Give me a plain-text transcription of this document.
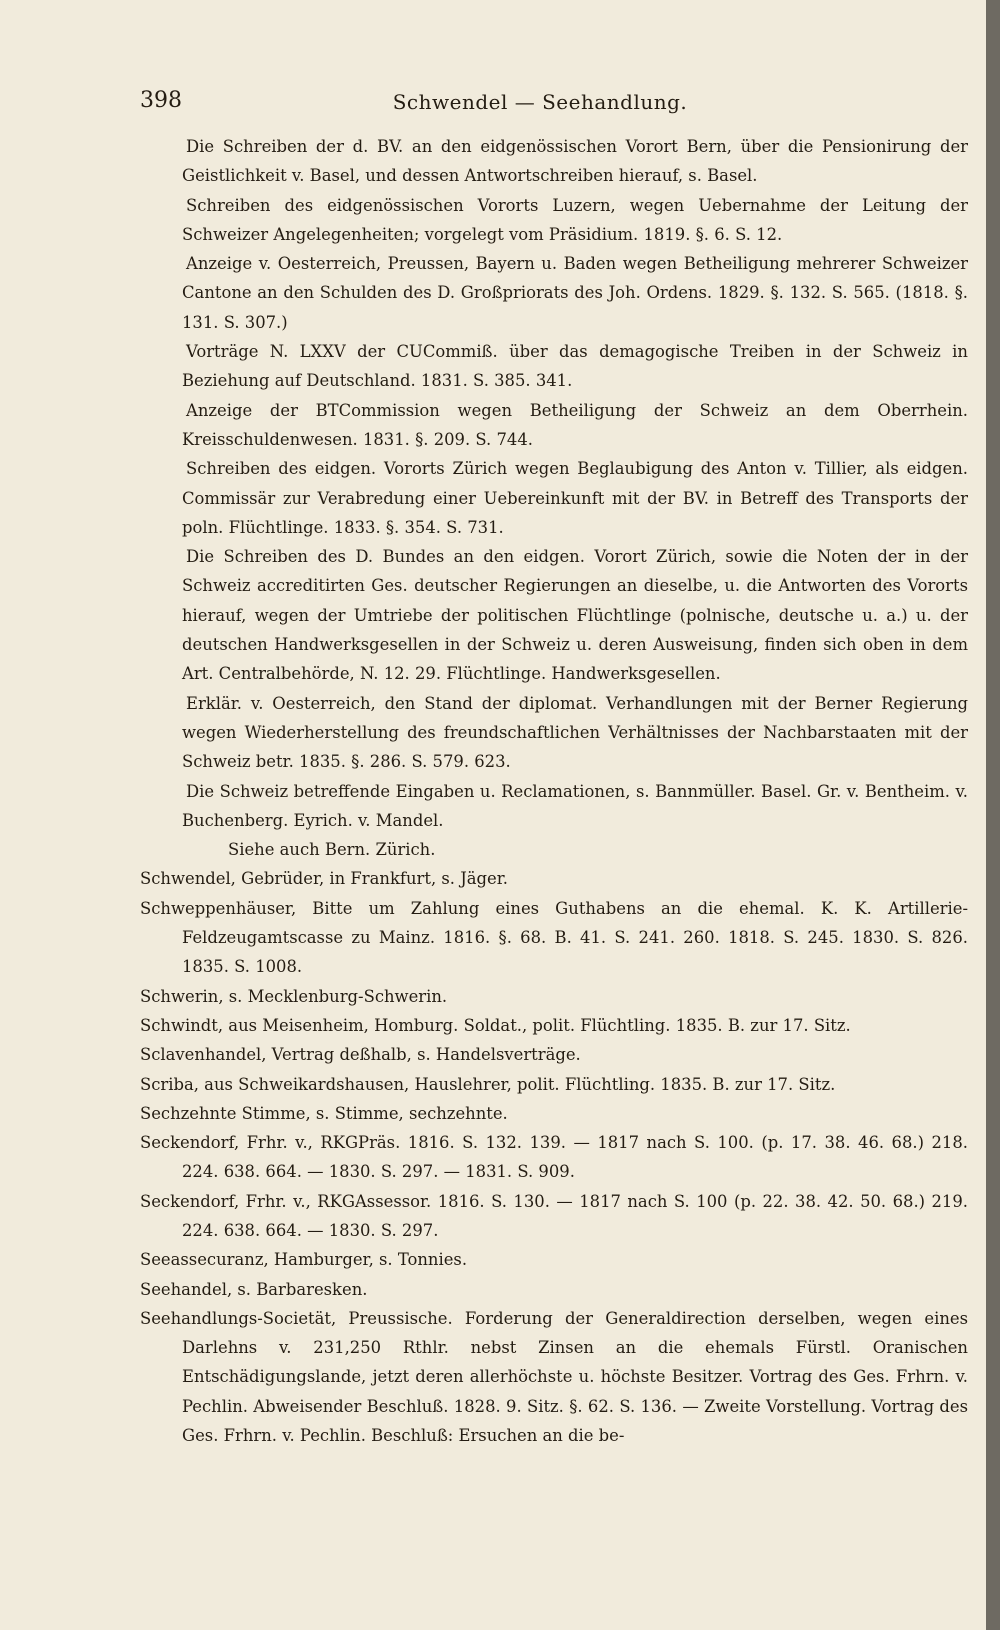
398	Schwendel — Seehandlung.

Die Schreiben der d. BV. an den eidgenössischen Vorort Bern, über die Pensionirung der Geistlichkeit v. Basel, und dessen Antwortschreiben hierauf, s. Basel.

Schreiben des eidgenössischen Vororts Luzern, wegen Uebernahme der Leitung der Schweizer Angelegenheiten; vorgelegt vom Präsidium. 1819. §. 6. S. 12.

Anzeige v. Oesterreich, Preussen, Bayern u. Baden wegen Betheiligung mehrerer Schweizer Cantone an den Schulden des D. Großpriorats des Joh. Ordens. 1829. §. 132. S. 565. (1818. §. 131. S. 307.)

Vorträge N. LXXV der CUCommiß. über das demagogische Treiben in der Schweiz in Beziehung auf Deutschland. 1831. S. 385. 341.

Anzeige der BTCommission wegen Betheiligung der Schweiz an dem Oberrhein. Kreisschuldenwesen. 1831. §. 209. S. 744.

Schreiben des eidgen. Vororts Zürich wegen Beglaubigung des Anton v. Tillier, als eidgen. Commissär zur Verabredung einer Uebereinkunft mit der BV. in Betreff des Transports der poln. Flüchtlinge. 1833. §. 354. S. 731.

Die Schreiben des D. Bundes an den eidgen. Vorort Zürich, sowie die Noten der in der Schweiz accreditirten Ges. deutscher Regierungen an dieselbe, u. die Antworten des Vororts hierauf, wegen der Umtriebe der politischen Flüchtlinge (polnische, deutsche u. a.) u. der deutschen Handwerksgesellen in der Schweiz u. deren Ausweisung, finden sich oben in dem Art. Centralbehörde, N. 12. 29. Flüchtlinge. Handwerksgesellen.

Erklär. v. Oesterreich, den Stand der diplomat. Verhandlungen mit der Berner Regierung wegen Wiederherstellung des freundschaftlichen Verhältnisses der Nachbarstaaten mit der Schweiz betr. 1835. §. 286. S. 579. 623.

Die Schweiz betreffende Eingaben u. Reclamationen, s. Bannmüller. Basel. Gr. v. Bentheim. v. Buchenberg. Eyrich. v. Mandel.

Siehe auch Bern. Zürich.

Schwendel, Gebrüder, in Frankfurt, s. Jäger.

Schweppenhäuser, Bitte um Zahlung eines Guthabens an die ehemal. K. K. Artillerie-Feldzeugamtscasse zu Mainz. 1816. §. 68. B. 41. S. 241. 260. 1818. S. 245. 1830. S. 826. 1835. S. 1008.

Schwerin, s. Mecklenburg-Schwerin.

Schwindt, aus Meisenheim, Homburg. Soldat., polit. Flüchtling. 1835. B. zur 17. Sitz.

Sclavenhandel, Vertrag deßhalb, s. Handelsverträge.

Scriba, aus Schweikardshausen, Hauslehrer, polit. Flüchtling. 1835. B. zur 17. Sitz.

Sechzehnte Stimme, s. Stimme, sechzehnte.

Seckendorf, Frhr. v., RKGPräs. 1816. S. 132. 139. — 1817 nach S. 100. (p. 17. 38. 46. 68.) 218. 224. 638. 664. — 1830. S. 297. — 1831. S. 909.

Seckendorf, Frhr. v., RKGAssessor. 1816. S. 130. — 1817 nach S. 100 (p. 22. 38. 42. 50. 68.) 219. 224. 638. 664. — 1830. S. 297.

Seeassecuranz, Hamburger, s. Tonnies.

Seehandel, s. Barbaresken.

Seehandlungs-Societät, Preussische. Forderung der Generaldirection derselben, wegen eines Darlehns v. 231,250 Rthlr. nebst Zinsen an die ehemals Fürstl. Oranischen Entschädigungslande, jetzt deren allerhöchste u. höchste Besitzer. Vortrag des Ges. Frhrn. v. Pechlin. Abweisender Beschluß. 1828. 9. Sitz. §. 62. S. 136. — Zweite Vorstellung. Vortrag des Ges. Frhrn. v. Pechlin. Beschluß: Ersuchen an die be-
